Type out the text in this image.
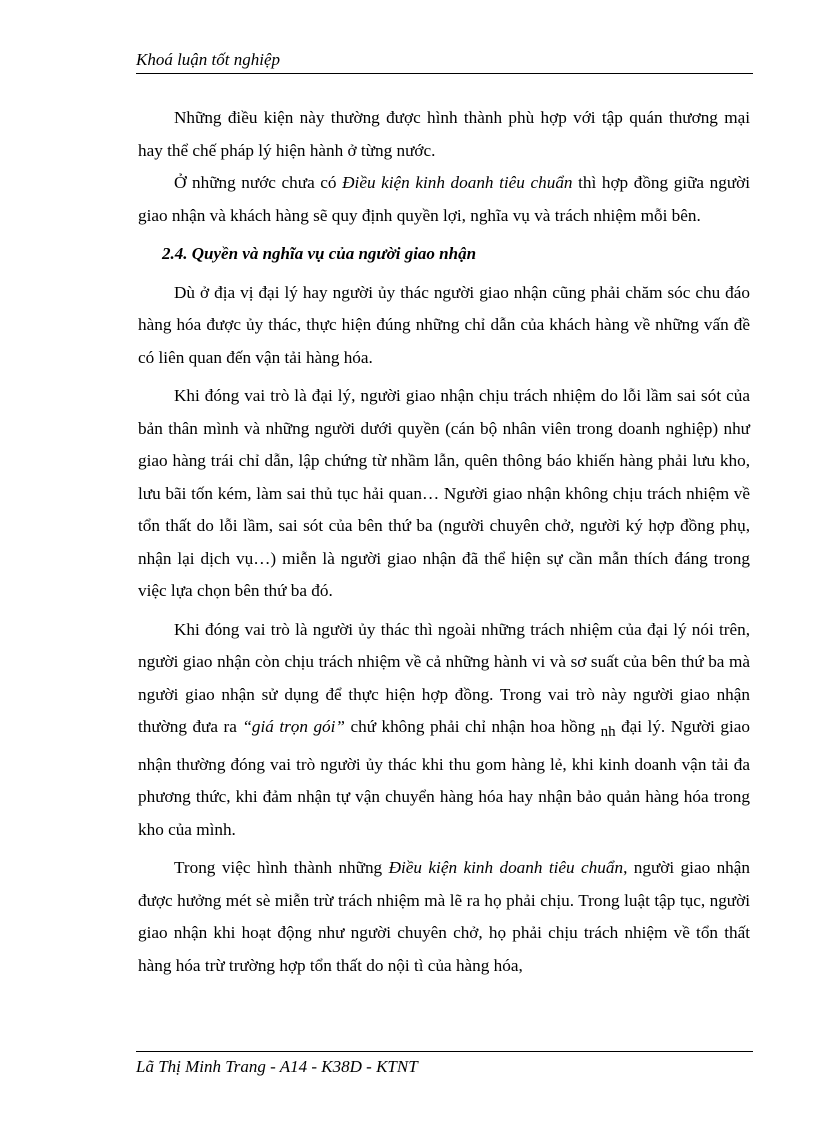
Khoá luận tốt nghiệp

Những điều kiện này thường được hình thành phù hợp với tập quán thương mại hay thể chế pháp lý hiện hành ở từng nước.

Ở những nước chưa có Điều kiện kinh doanh tiêu chuẩn thì hợp đồng giữa người giao nhận và khách hàng sẽ quy định quyền lợi, nghĩa vụ và trách nhiệm mỗi bên.

2.4. Quyền và nghĩa vụ của người giao nhận

Dù ở địa vị đại lý hay người ủy thác người giao nhận cũng phải chăm sóc chu đáo hàng hóa được ủy thác, thực hiện đúng những chỉ dẫn của khách hàng về những vấn đề có liên quan đến vận tải hàng hóa.

Khi đóng vai trò là đại lý, người giao nhận chịu trách nhiệm do lỗi lầm sai sót của bản thân mình và những người dưới quyền (cán bộ nhân viên trong doanh nghiệp) như giao hàng trái chỉ dẫn, lập chứng từ nhầm lẫn, quên thông báo khiến hàng phải lưu kho, lưu bãi tốn kém, làm sai thủ tục hải quan… Người giao nhận không chịu trách nhiệm về tổn thất do lỗi lầm, sai sót của bên thứ ba (người chuyên chở, người ký hợp đồng phụ, nhận lại dịch vụ…) miễn là người giao nhận đã thể hiện sự cần mẫn thích đáng trong việc lựa chọn bên thứ ba đó.

Khi đóng vai trò là người ủy thác thì ngoài những trách nhiệm của đại lý nói trên, người giao nhận còn chịu trách nhiệm về cả những hành vi và sơ suất của bên thứ ba mà người giao nhận sử dụng để thực hiện hợp đồng. Trong vai trò này người giao nhận thường đưa ra “giá trọn gói” chứ không phải chỉ nhận hoa hồng nh đại lý. Người giao nhận thường đóng vai trò người ủy thác khi thu gom hàng lẻ, khi kinh doanh vận tải đa phương thức, khi đảm nhận tự vận chuyển hàng hóa hay nhận bảo quản hàng hóa trong kho của mình.

Trong việc hình thành những Điều kiện kinh doanh tiêu chuẩn, người giao nhận được hưởng mét sè miễn trừ trách nhiệm mà lẽ ra họ phải chịu. Trong luật tập tục, người giao nhận khi hoạt động như người chuyên chở, họ phải chịu trách nhiệm về tổn thất hàng hóa trừ trường hợp tổn thất do nội tì của hàng hóa,

Lã Thị Minh Trang - A14 - K38D - KTNT
